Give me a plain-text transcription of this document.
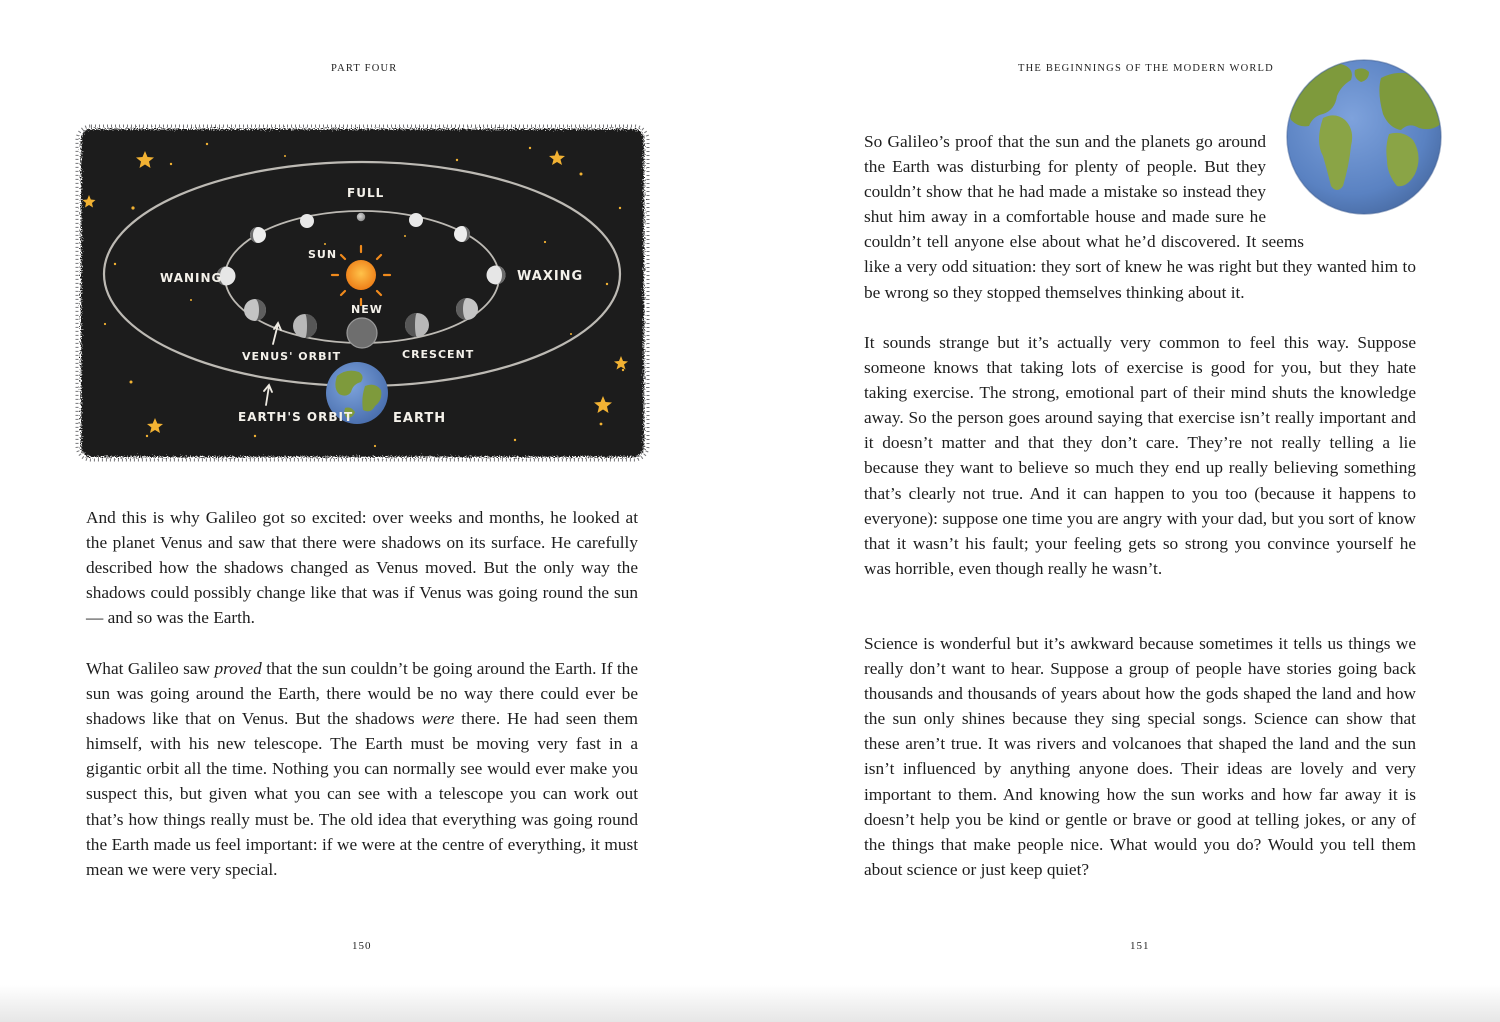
PART FOUR

And this is why Galileo got so excited: over weeks and months, he looked at the planet Venus and saw that there were shadows on its surface. He carefully described how the shadows changed as Venus moved. But the only way the shadows could possibly change like that was if Venus was going round the sun — and so was the Earth.

What Galileo saw proved that the sun couldn’t be going around the Earth. If the sun was going around the Earth, there would be no way there could ever be shadows like that on Venus. But the shadows were there. He had seen them himself, with his new telescope. The Earth must be moving very fast in a gigantic orbit all the time. Nothing you can normally see would ever make you suspect this, but given what you can see with a telescope you can work out that’s how things really must be. The old idea that everything was going round the Earth made us feel important: if we were at the centre of everything, it must mean we were very special.

150
THE BEGINNINGS OF THE MODERN WORLD
So Galileo’s proof that the sun and the planets go around the Earth was disturbing for plenty of people. But they couldn’t show that he had made a mistake so instead they shut him away in a comfortable house and made sure he couldn’t tell anyone else about what he’d discovered. It seems like a very odd situation: they sort of knew he was right but they wanted him to be wrong so they stopped themselves thinking about it.

It sounds strange but it’s actually very common to feel this way. Suppose someone knows that taking lots of exercise is good for you, but they hate taking exercise. The strong, emotional part of their mind shuts the knowledge away. So the person goes around saying that exercise isn’t really important and it doesn’t matter and that they don’t care. They’re not really telling a lie because they want to believe so much they end up really believing something that’s clearly not true. And it can happen to you too (because it happens to everyone): suppose one time you are angry with your dad, but you sort of know that it wasn’t his fault; your feeling gets so strong you convince yourself he was horrible, even though really he wasn’t.

Science is wonderful but it’s awkward because sometimes it tells us things we really don’t want to hear. Suppose a group of people have stories going back thousands and thousands of years about how the gods shaped the land and how the sun only shines because they sing special songs. Science can show that these aren’t true. It was rivers and volcanoes that shaped the land and the sun isn’t influenced by anything anyone does. Their ideas are lovely and very important to them. And knowing how the sun works and how far away it is doesn’t help you be kind or gentle or brave or good at telling jokes, or any of the things that make people nice. What would you do? Would you tell them about science or just keep quiet?

151
FULL
SUN
WANING	WAXING
NEW
VENUS' ORBIT	CRESCENT
EARTH'S ORBIT	EARTH
